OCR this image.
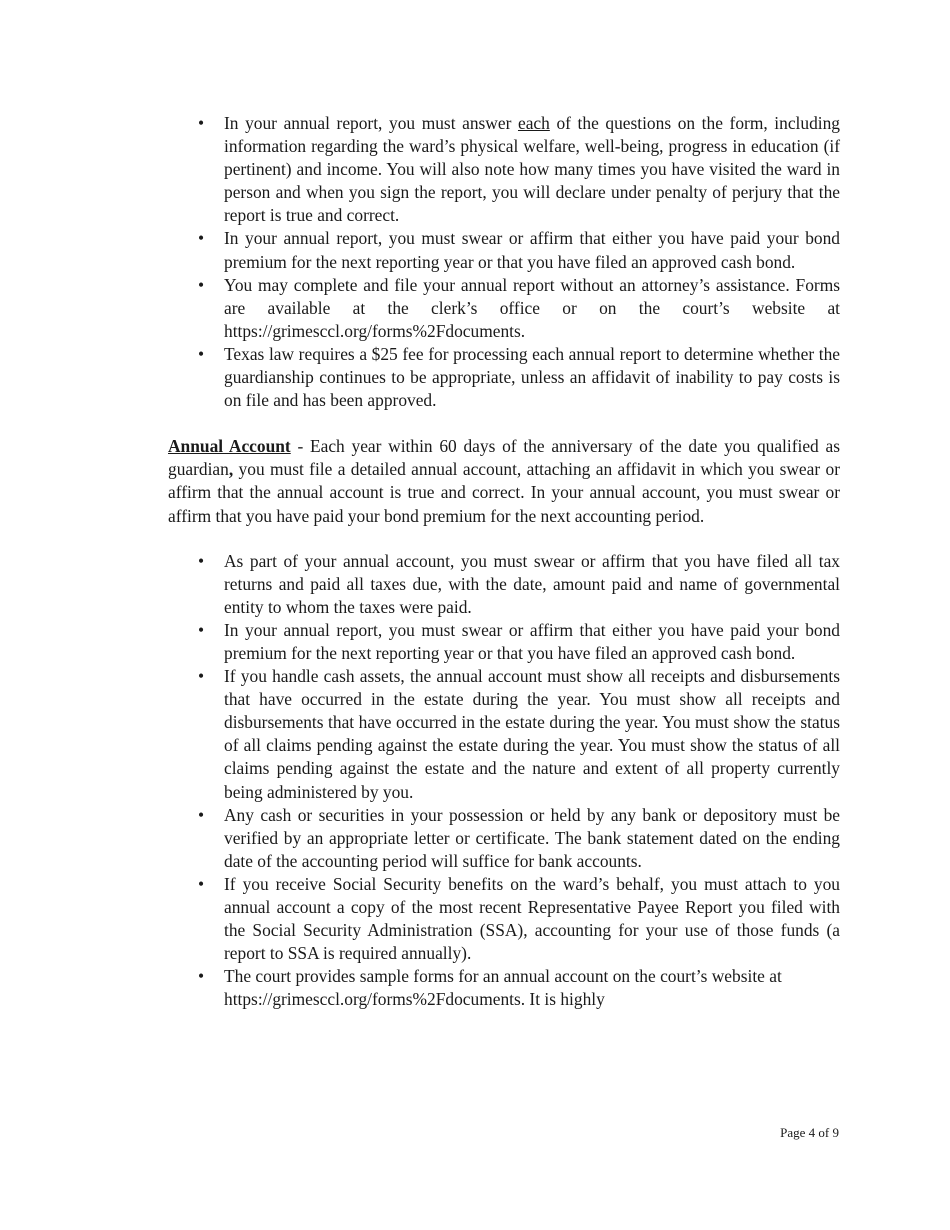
• In your annual report, you must answer each of the questions on the form, including information regarding the ward’s physical welfare, well-being, progress in education (if pertinent) and income. You will also note how many times you have visited the ward in person and when you sign the report, you will declare under penalty of perjury that the report is true and correct.
• In your annual report, you must swear or affirm that either you have paid your bond premium for the next reporting year or that you have filed an approved cash bond.
• You may complete and file your annual report without an attorney’s assistance. Forms are available at the clerk’s office or on the court’s website at https://grimesccl.org/forms%2Fdocuments.
• Texas law requires a $25 fee for processing each annual report to determine whether the guardianship continues to be appropriate, unless an affidavit of inability to pay costs is on file and has been approved.

Annual Account - Each year within 60 days of the anniversary of the date you qualified as guardian, you must file a detailed annual account, attaching an affidavit in which you swear or affirm that the annual account is true and correct. In your annual account, you must swear or affirm that you have paid your bond premium for the next accounting period.

• As part of your annual account, you must swear or affirm that you have filed all tax returns and paid all taxes due, with the date, amount paid and name of governmental entity to whom the taxes were paid.
• In your annual report, you must swear or affirm that either you have paid your bond premium for the next reporting year or that you have filed an approved cash bond.
• If you handle cash assets, the annual account must show all receipts and disbursements that have occurred in the estate during the year. You must show all receipts and disbursements that have occurred in the estate during the year. You must show the status of all claims pending against the estate during the year. You must show the status of all claims pending against the estate and the nature and extent of all property currently being administered by you.
• Any cash or securities in your possession or held by any bank or depository must be verified by an appropriate letter or certificate. The bank statement dated on the ending date of the accounting period will suffice for bank accounts.
• If you receive Social Security benefits on the ward’s behalf, you must attach to you annual account a copy of the most recent Representative Payee Report you filed with the Social Security Administration (SSA), accounting for your use of those funds (a report to SSA is required annually).
• The court provides sample forms for an annual account on the court’s website at https://grimesccl.org/forms%2Fdocuments. It is highly
Page 4 of 9
